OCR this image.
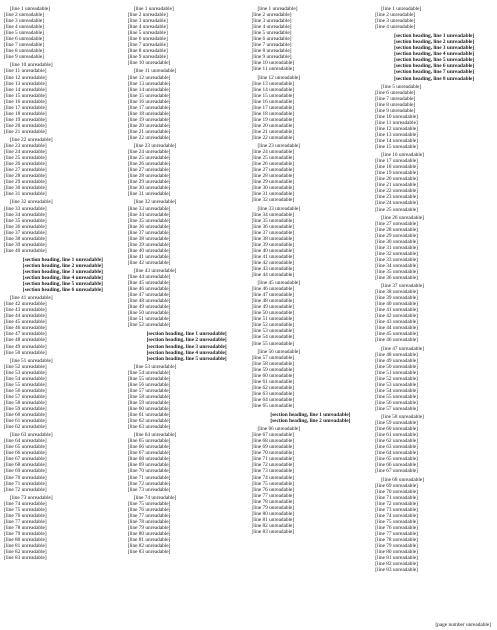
[line 1 unreadable]
[line 2 unreadable]
[line 3 unreadable]
[line 4 unreadable]
[line 5 unreadable]
[line 6 unreadable]
[line 7 unreadable]
[line 8 unreadable]
[line 9 unreadable]
[line 10 unreadable]
[line 11 unreadable]
[line 12 unreadable]
[line 13 unreadable]
[line 14 unreadable]
[line 15 unreadable]
[line 16 unreadable]
[line 17 unreadable]
[line 18 unreadable]
[line 19 unreadable]
[line 20 unreadable]
[line 21 unreadable]
[line 22 unreadable]
[line 23 unreadable]
[line 24 unreadable]
[line 25 unreadable]
[line 26 unreadable]
[line 27 unreadable]
[line 28 unreadable]
[line 29 unreadable]
[line 30 unreadable]
[line 31 unreadable]
[line 32 unreadable]
[line 33 unreadable]
[line 34 unreadable]
[line 35 unreadable]
[line 36 unreadable]
[line 37 unreadable]
[line 38 unreadable]
[line 39 unreadable]
[line 40 unreadable]
[section heading, line 1 unreadable]
[section heading, line 2 unreadable]
[section heading, line 3 unreadable]
[section heading, line 4 unreadable]
[section heading, line 5 unreadable]
[section heading, line 6 unreadable]
[line 41 unreadable]
[line 42 unreadable]
[line 43 unreadable]
[line 44 unreadable]
[line 45 unreadable]
[line 46 unreadable]
[line 47 unreadable]
[line 48 unreadable]
[line 49 unreadable]
[line 50 unreadable]
[line 51 unreadable]
[line 52 unreadable]
[line 53 unreadable]
[line 54 unreadable]
[line 55 unreadable]
[line 56 unreadable]
[line 57 unreadable]
[line 58 unreadable]
[line 59 unreadable]
[line 60 unreadable]
[line 61 unreadable]
[line 62 unreadable]
[line 63 unreadable]
[line 64 unreadable]
[line 65 unreadable]
[line 66 unreadable]
[line 67 unreadable]
[line 68 unreadable]
[line 69 unreadable]
[line 70 unreadable]
[line 71 unreadable]
[line 72 unreadable]
[line 73 unreadable]
[line 74 unreadable]
[line 75 unreadable]
[line 76 unreadable]
[line 77 unreadable]
[line 78 unreadable]
[line 79 unreadable]
[line 80 unreadable]
[line 81 unreadable]
[line 82 unreadable]
[line 83 unreadable]
[line 1 unreadable]
[line 2 unreadable]
[line 3 unreadable]
[line 4 unreadable]
[line 5 unreadable]
[line 6 unreadable]
[line 7 unreadable]
[line 8 unreadable]
[line 9 unreadable]
[line 10 unreadable]
[line 11 unreadable]
[line 12 unreadable]
[line 13 unreadable]
[line 14 unreadable]
[line 15 unreadable]
[line 16 unreadable]
[line 17 unreadable]
[line 18 unreadable]
[line 19 unreadable]
[line 20 unreadable]
[line 21 unreadable]
[line 22 unreadable]
[line 23 unreadable]
[line 24 unreadable]
[line 25 unreadable]
[line 26 unreadable]
[line 27 unreadable]
[line 28 unreadable]
[line 29 unreadable]
[line 30 unreadable]
[line 31 unreadable]
[line 32 unreadable]
[line 33 unreadable]
[line 34 unreadable]
[line 35 unreadable]
[line 36 unreadable]
[line 37 unreadable]
[line 38 unreadable]
[line 39 unreadable]
[line 40 unreadable]
[line 41 unreadable]
[line 42 unreadable]
[line 43 unreadable]
[line 44 unreadable]
[line 45 unreadable]
[line 46 unreadable]
[line 47 unreadable]
[line 48 unreadable]
[line 49 unreadable]
[line 50 unreadable]
[line 51 unreadable]
[line 52 unreadable]
[section heading, line 1 unreadable]
[section heading, line 2 unreadable]
[section heading, line 3 unreadable]
[section heading, line 4 unreadable]
[section heading, line 5 unreadable]
[line 53 unreadable]
[line 54 unreadable]
[line 55 unreadable]
[line 56 unreadable]
[line 57 unreadable]
[line 58 unreadable]
[line 59 unreadable]
[line 60 unreadable]
[line 61 unreadable]
[line 62 unreadable]
[line 63 unreadable]
[line 64 unreadable]
[line 65 unreadable]
[line 66 unreadable]
[line 67 unreadable]
[line 68 unreadable]
[line 69 unreadable]
[line 70 unreadable]
[line 71 unreadable]
[line 72 unreadable]
[line 73 unreadable]
[line 74 unreadable]
[line 75 unreadable]
[line 76 unreadable]
[line 77 unreadable]
[line 78 unreadable]
[line 79 unreadable]
[line 80 unreadable]
[line 81 unreadable]
[line 82 unreadable]
[line 83 unreadable]
[line 1 unreadable]
[line 2 unreadable]
[line 3 unreadable]
[line 4 unreadable]
[line 5 unreadable]
[line 6 unreadable]
[line 7 unreadable]
[line 8 unreadable]
[line 9 unreadable]
[line 10 unreadable]
[line 11 unreadable]
[line 12 unreadable]
[line 13 unreadable]
[line 14 unreadable]
[line 15 unreadable]
[line 16 unreadable]
[line 17 unreadable]
[line 18 unreadable]
[line 19 unreadable]
[line 20 unreadable]
[line 21 unreadable]
[line 22 unreadable]
[line 23 unreadable]
[line 24 unreadable]
[line 25 unreadable]
[line 26 unreadable]
[line 27 unreadable]
[line 28 unreadable]
[line 29 unreadable]
[line 30 unreadable]
[line 31 unreadable]
[line 32 unreadable]
[line 33 unreadable]
[line 34 unreadable]
[line 35 unreadable]
[line 36 unreadable]
[line 37 unreadable]
[line 38 unreadable]
[line 39 unreadable]
[line 40 unreadable]
[line 41 unreadable]
[line 42 unreadable]
[line 43 unreadable]
[line 44 unreadable]
[line 45 unreadable]
[line 46 unreadable]
[line 47 unreadable]
[line 48 unreadable]
[line 49 unreadable]
[line 50 unreadable]
[line 51 unreadable]
[line 52 unreadable]
[line 53 unreadable]
[line 54 unreadable]
[line 55 unreadable]
[line 56 unreadable]
[line 57 unreadable]
[line 58 unreadable]
[line 59 unreadable]
[line 60 unreadable]
[line 61 unreadable]
[line 62 unreadable]
[line 63 unreadable]
[line 64 unreadable]
[line 65 unreadable]
[section heading, line 1 unreadable]
[section heading, line 2 unreadable]
[line 66 unreadable]
[line 67 unreadable]
[line 68 unreadable]
[line 69 unreadable]
[line 70 unreadable]
[line 71 unreadable]
[line 72 unreadable]
[line 73 unreadable]
[line 74 unreadable]
[line 75 unreadable]
[line 76 unreadable]
[line 77 unreadable]
[line 78 unreadable]
[line 79 unreadable]
[line 80 unreadable]
[line 81 unreadable]
[line 82 unreadable]
[line 83 unreadable]
[line 1 unreadable]
[line 2 unreadable]
[line 3 unreadable]
[line 4 unreadable]
[section heading, line 1 unreadable]
[section heading, line 2 unreadable]
[section heading, line 3 unreadable]
[section heading, line 4 unreadable]
[section heading, line 5 unreadable]
[section heading, line 6 unreadable]
[section heading, line 7 unreadable]
[section heading, line 8 unreadable]
[line 5 unreadable]
[line 6 unreadable]
[line 7 unreadable]
[line 8 unreadable]
[line 9 unreadable]
[line 10 unreadable]
[line 11 unreadable]
[line 12 unreadable]
[line 13 unreadable]
[line 14 unreadable]
[line 15 unreadable]
[line 16 unreadable]
[line 17 unreadable]
[line 18 unreadable]
[line 19 unreadable]
[line 20 unreadable]
[line 21 unreadable]
[line 22 unreadable]
[line 23 unreadable]
[line 24 unreadable]
[line 25 unreadable]
[line 26 unreadable]
[line 27 unreadable]
[line 28 unreadable]
[line 29 unreadable]
[line 30 unreadable]
[line 31 unreadable]
[line 32 unreadable]
[line 33 unreadable]
[line 34 unreadable]
[line 35 unreadable]
[line 36 unreadable]
[line 37 unreadable]
[line 38 unreadable]
[line 39 unreadable]
[line 40 unreadable]
[line 41 unreadable]
[line 42 unreadable]
[line 43 unreadable]
[line 44 unreadable]
[line 45 unreadable]
[line 46 unreadable]
[line 47 unreadable]
[line 48 unreadable]
[line 49 unreadable]
[line 50 unreadable]
[line 51 unreadable]
[line 52 unreadable]
[line 53 unreadable]
[line 54 unreadable]
[line 55 unreadable]
[line 56 unreadable]
[line 57 unreadable]
[line 58 unreadable]
[line 59 unreadable]
[line 60 unreadable]
[line 61 unreadable]
[line 62 unreadable]
[line 63 unreadable]
[line 64 unreadable]
[line 65 unreadable]
[line 66 unreadable]
[line 67 unreadable]
[line 68 unreadable]
[line 69 unreadable]
[line 70 unreadable]
[line 71 unreadable]
[line 72 unreadable]
[line 73 unreadable]
[line 74 unreadable]
[line 75 unreadable]
[line 76 unreadable]
[line 77 unreadable]
[line 78 unreadable]
[line 79 unreadable]
[line 80 unreadable]
[line 81 unreadable]
[line 82 unreadable]
[line 83 unreadable]
[page number unreadable]
